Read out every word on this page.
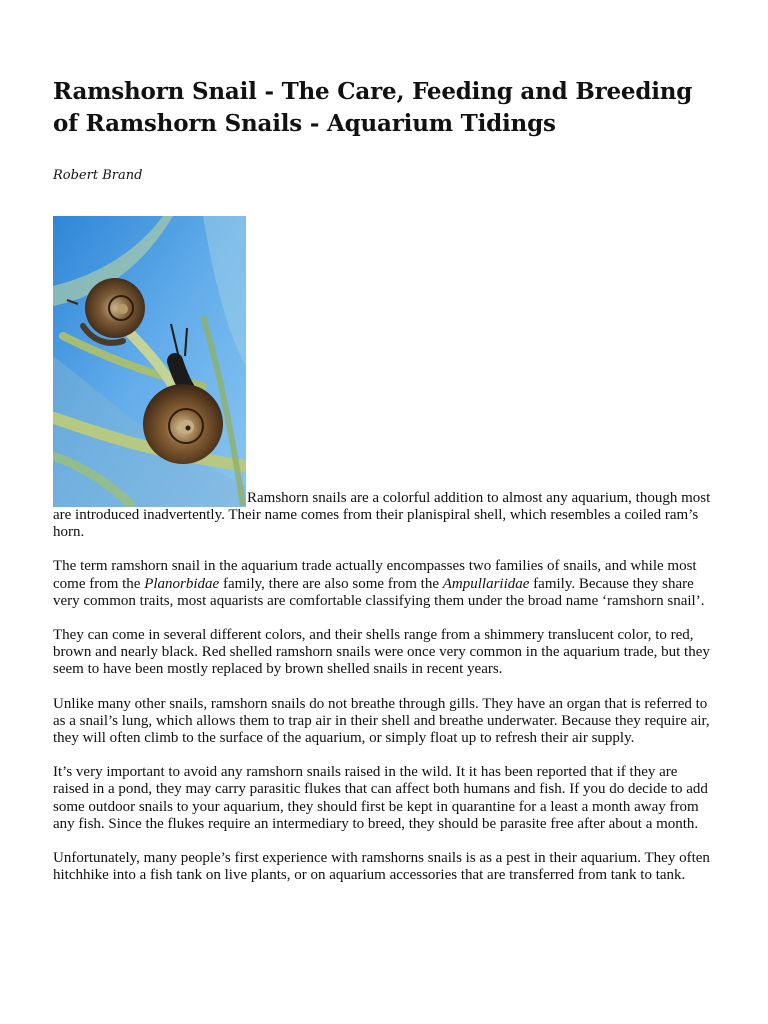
Ramshorn Snail - The Care, Feeding and Breeding of Ramshorn Snails - Aquarium Tidings
Robert Brand

Ramshorn snails are a colorful addition to almost any aquarium, though most are introduced inadvertently. Their name comes from their planispiral shell, which resembles a coiled ram’s horn.

The term ramshorn snail in the aquarium trade actually encompasses two families of snails, and while most come from the Planorbidae family, there are also some from the Ampullariidae family. Because they share very common traits, most aquarists are comfortable classifying them under the broad name ‘ramshorn snail’.

They can come in several different colors, and their shells range from a shimmery translucent color, to red, brown and nearly black. Red shelled ramshorn snails were once very common in the aquarium trade, but they seem to have been mostly replaced by brown shelled snails in recent years.

Unlike many other snails, ramshorn snails do not breathe through gills. They have an organ that is referred to as a snail’s lung, which allows them to trap air in their shell and breathe underwater. Because they require air, they will often climb to the surface of the aquarium, or simply float up to refresh their air supply.

It’s very important to avoid any ramshorn snails raised in the wild. It it has been reported that if they are raised in a pond, they may carry parasitic flukes that can affect both humans and fish. If you do decide to add some outdoor snails to your aquarium, they should first be kept in quarantine for a least a month away from any fish. Since the flukes require an intermediary to breed, they should be parasite free after about a month.

Unfortunately, many people’s first experience with ramshorns snails is as a pest in their aquarium. They often hitchhike into a fish tank on live plants, or on aquarium accessories that are transferred from tank to tank.
